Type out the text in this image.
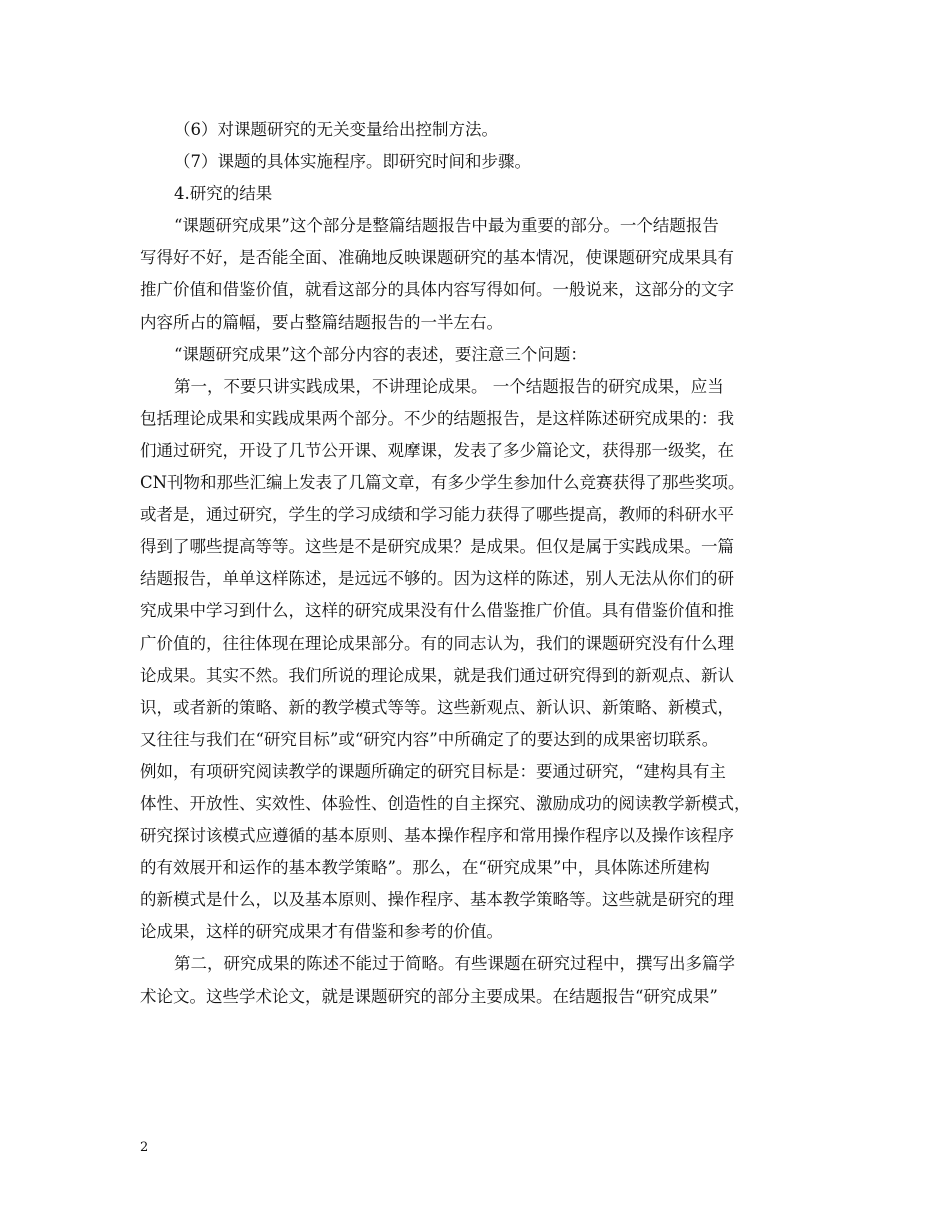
（6）对课题研究的无关变量给出控制方法。
（7）课题的具体实施程序。即研究时间和步骤。
4.研究的结果
“课题研究成果”这个部分是整篇结题报告中最为重要的部分。一个结题报告
写得好不好，是否能全面、准确地反映课题研究的基本情况，使课题研究成果具有
推广价值和借鉴价值，就看这部分的具体内容写得如何。一般说来，这部分的文字
内容所占的篇幅，要占整篇结题报告的一半左右。
“课题研究成果”这个部分内容的表述，要注意三个问题：
第一，不要只讲实践成果，不讲理论成果。 一个结题报告的研究成果，应当
包括理论成果和实践成果两个部分。不少的结题报告，是这样陈述研究成果的：我
们通过研究，开设了几节公开课、观摩课，发表了多少篇论文，获得那一级奖，在
CN刊物和那些汇编上发表了几篇文章，有多少学生参加什么竞赛获得了那些奖项。
或者是，通过研究，学生的学习成绩和学习能力获得了哪些提高，教师的科研水平
得到了哪些提高等等。这些是不是研究成果？是成果。但仅是属于实践成果。一篇
结题报告，单单这样陈述，是远远不够的。因为这样的陈述，别人无法从你们的研
究成果中学习到什么，这样的研究成果没有什么借鉴推广价值。具有借鉴价值和推
广价值的，往往体现在理论成果部分。有的同志认为，我们的课题研究没有什么理
论成果。其实不然。我们所说的理论成果，就是我们通过研究得到的新观点、新认
识，或者新的策略、新的教学模式等等。这些新观点、新认识、新策略、新模式，
又往往与我们在“研究目标”或“研究内容”中所确定了的要达到的成果密切联系。
例如，有项研究阅读教学的课题所确定的研究目标是：要通过研究，“建构具有主
体性、开放性、实效性、体验性、创造性的自主探究、激励成功的阅读教学新模式，
研究探讨该模式应遵循的基本原则、基本操作程序和常用操作程序以及操作该程序
的有效展开和运作的基本教学策略”。那么，在“研究成果”中，具体陈述所建构
的新模式是什么，以及基本原则、操作程序、基本教学策略等。这些就是研究的理
论成果，这样的研究成果才有借鉴和参考的价值。
第二，研究成果的陈述不能过于简略。有些课题在研究过程中，撰写出多篇学
术论文。这些学术论文，就是课题研究的部分主要成果。在结题报告“研究成果”
2
